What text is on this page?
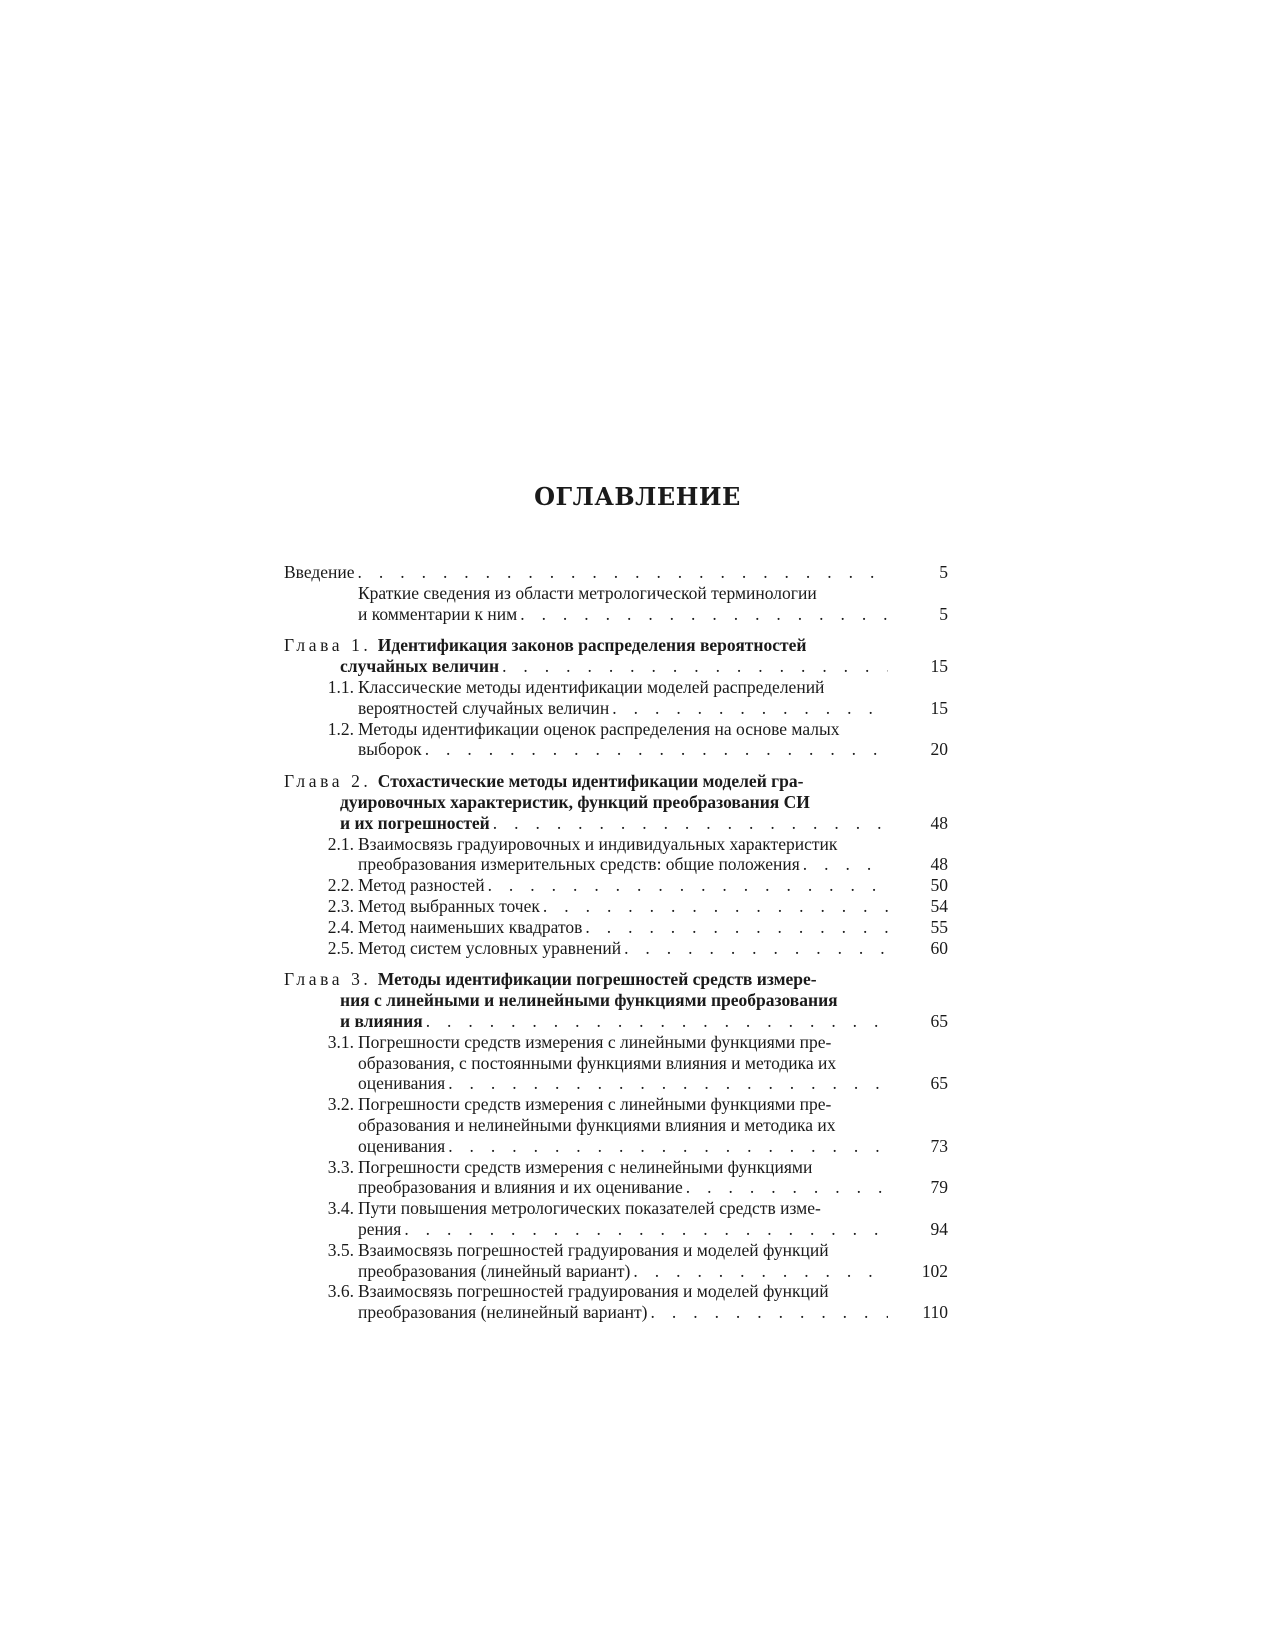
ОГЛАВЛЕНИЕ
Введение . . .	5
Краткие сведения из области метрологической терминологии
и комментарии к ним . . .	5
Глава 1. Идентификация законов распределения вероятностей
случайных величин . . .	15
1.1. Классические методы идентификации моделей распределений
вероятностей случайных величин . . .	15
1.2. Методы идентификации оценок распределения на основе малых
выборок . . .	20
Глава 2. Стохастические методы идентификации моделей гра-
дуировочных характеристик, функций преобразования СИ
и их погрешностей . . .	48
2.1. Взаимосвязь градуировочных и индивидуальных характеристик
преобразования измерительных средств: общие положения . . .	48
2.2. Метод разностей . . .	50
2.3. Метод выбранных точек . . .	54
2.4. Метод наименьших квадратов . . .	55
2.5. Метод систем условных уравнений . . .	60
Глава 3. Методы идентификации погрешностей средств измере-
ния с линейными и нелинейными функциями преобразования
и влияния . . .	65
3.1. Погрешности средств измерения с линейными функциями пре-
образования, с постоянными функциями влияния и методика их
оценивания . . .	65
3.2. Погрешности средств измерения с линейными функциями пре-
образования и нелинейными функциями влияния и методика их
оценивания . . .	73
3.3. Погрешности средств измерения с нелинейными функциями
преобразования и влияния и их оценивание . . .	79
3.4. Пути повышения метрологических показателей средств изме-
рения . . .	94
3.5. Взаимосвязь погрешностей градуирования и моделей функций
преобразования (линейный вариант) . . .	102
3.6. Взаимосвязь погрешностей градуирования и моделей функций
преобразования (нелинейный вариант) . . .	110
